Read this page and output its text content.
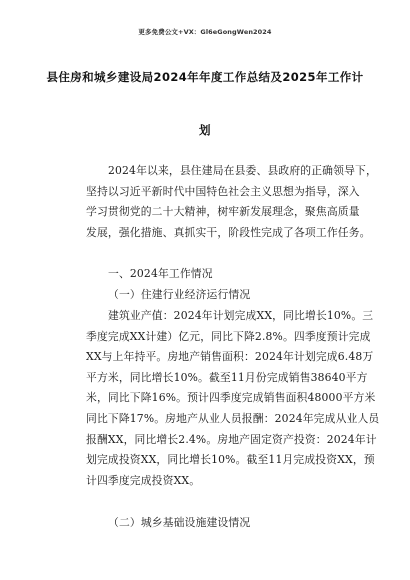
更多免费公文+VX：Gl6eGongWen2024
县住房和城乡建设局2024年年度工作总结及2025年工作计
划
2024年以来，县住建局在县委、县政府的正确领导下，
坚持以习近平新时代中国特色社会主义思想为指导，深入
学习贯彻党的二十大精神，树牢新发展理念，聚焦高质量
发展，强化措施、真抓实干，阶段性完成了各项工作任务。
一、2024年工作情况
（一）住建行业经济运行情况
建筑业产值：2024年计划完成XX，同比增长10%。三
季度完成XX计建）亿元，同比下降2.8%。四季度预计完成
XX与上年持平。房地产销售面积：2024年计划完成6.48万
平方米，同比增长10%。截至11月份完成销售38640平方
米，同比下降16%。预计四季度完成销售面积48000平方米
同比下降17%。房地产从业人员报酬：2024年完成从业人员
报酬XX，同比增长2.4%。房地产固定资产投资：2024年计
划完成投资XX，同比增长10%。截至11月完成投资XX，预
计四季度完成投资XX。
（二）城乡基础设施建设情况
